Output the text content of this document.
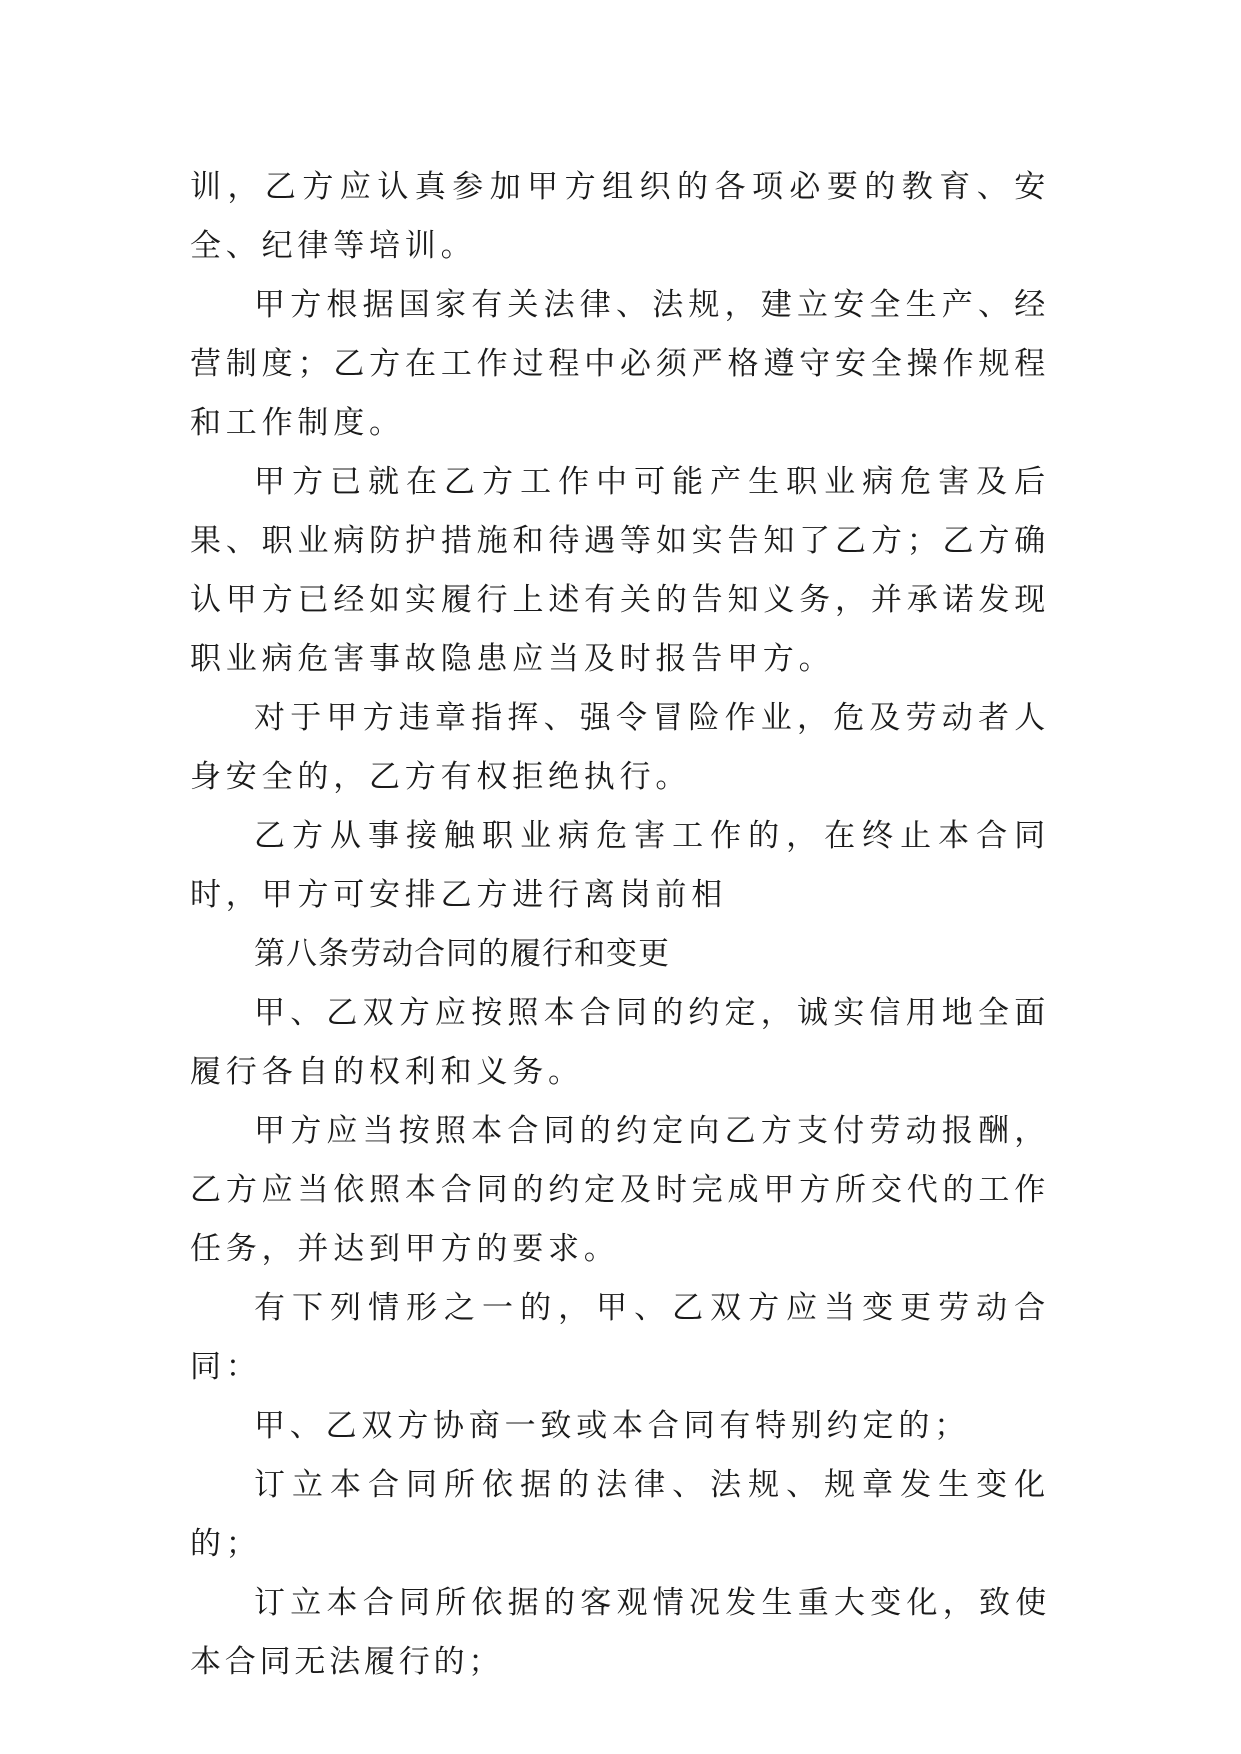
训，乙方应认真参加甲方组织的各项必要的教育、安全、纪律等培训。

甲方根据国家有关法律、法规，建立安全生产、经营制度；乙方在工作过程中必须严格遵守安全操作规程和工作制度。

甲方已就在乙方工作中可能产生职业病危害及后果、职业病防护措施和待遇等如实告知了乙方；乙方确认甲方已经如实履行上述有关的告知义务，并承诺发现职业病危害事故隐患应当及时报告甲方。

对于甲方违章指挥、强令冒险作业，危及劳动者人身安全的，乙方有权拒绝执行。

乙方从事接触职业病危害工作的，在终止本合同时，甲方可安排乙方进行离岗前相

第八条劳动合同的履行和变更

甲、乙双方应按照本合同的约定，诚实信用地全面履行各自的权利和义务。

甲方应当按照本合同的约定向乙方支付劳动报酬，乙方应当依照本合同的约定及时完成甲方所交代的工作任务，并达到甲方的要求。

有下列情形之一的，甲、乙双方应当变更劳动合同：

甲、乙双方协商一致或本合同有特别约定的；

订立本合同所依据的法律、法规、规章发生变化的；

订立本合同所依据的客观情况发生重大变化，致使本合同无法履行的；
